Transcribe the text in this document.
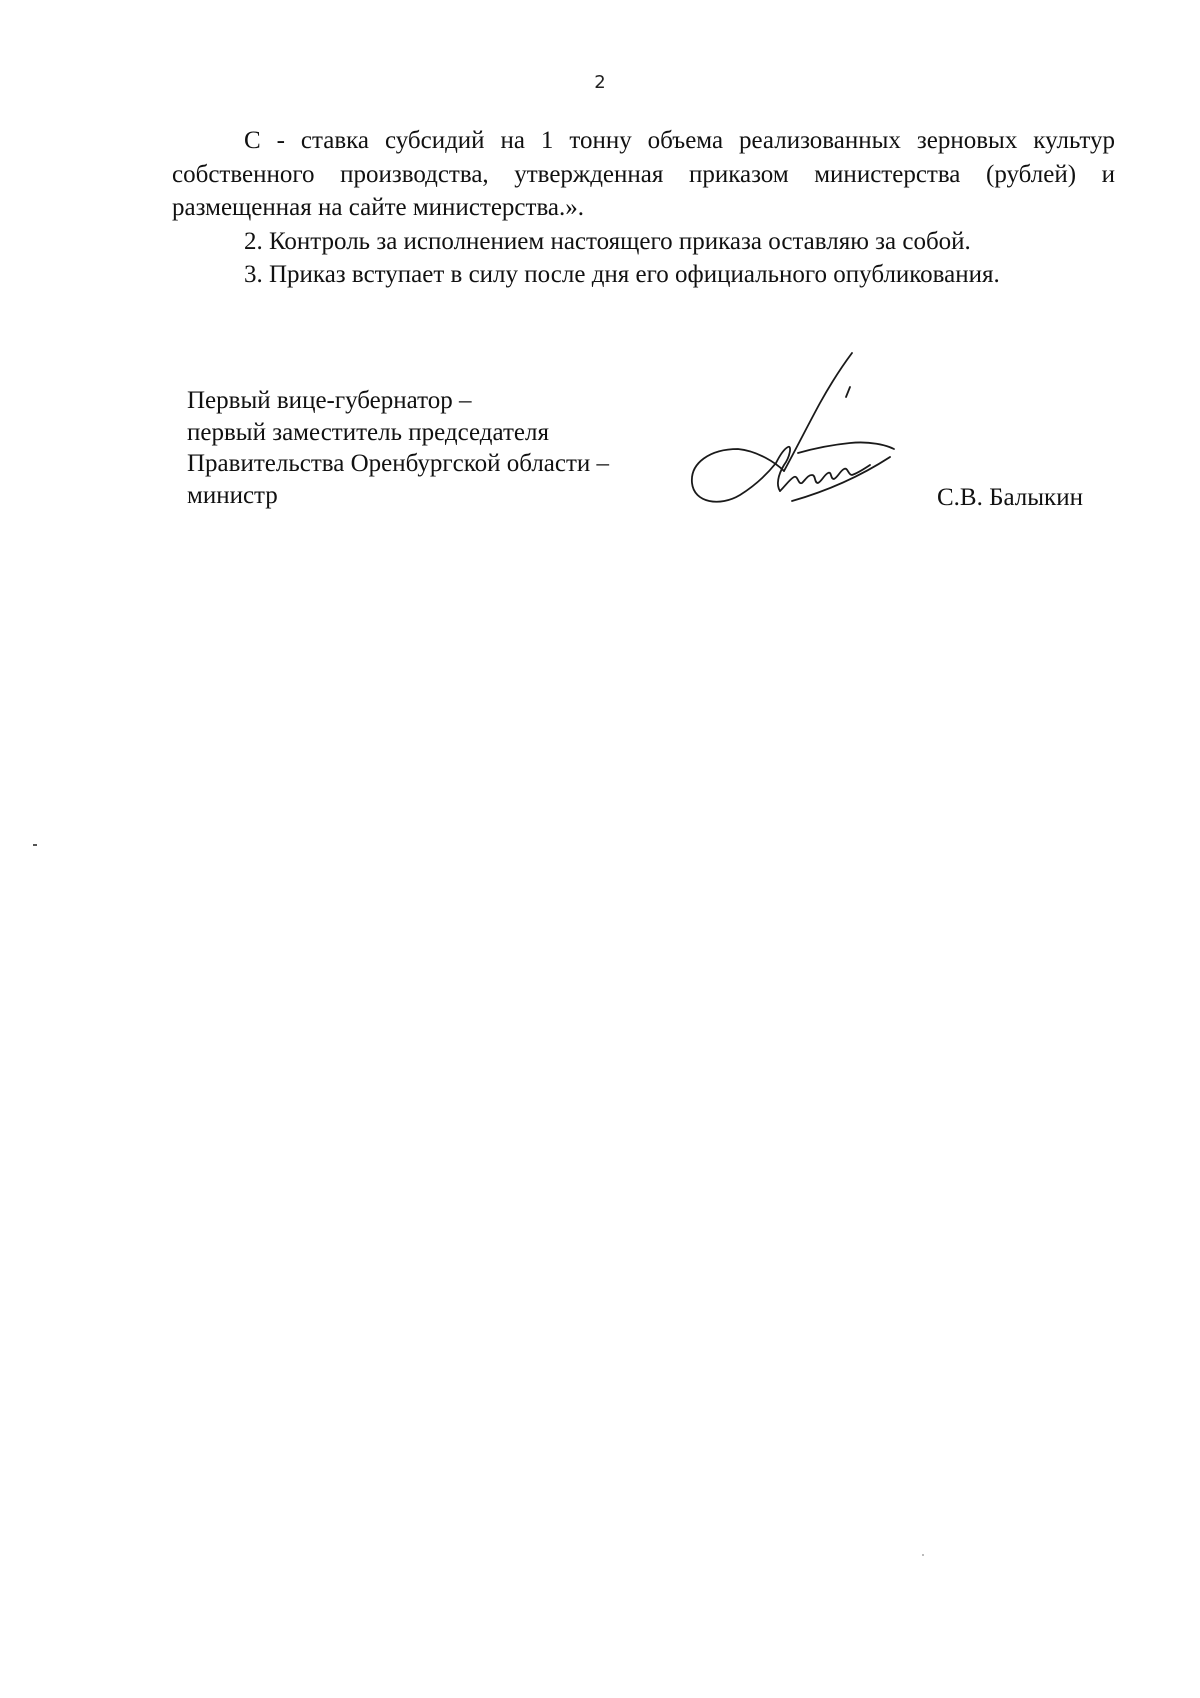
2

С - ставка субсидий на 1 тонну объема реализованных зерновых культур собственного производства, утвержденная приказом министерства (рублей) и размещенная на сайте министерства.».

2. Контроль за исполнением настоящего приказа оставляю за собой.

3. Приказ вступает в силу после дня его официального опубликования.

Первый вице-губернатор –
первый заместитель председателя
Правительства Оренбургской области –
министр	С.В. Балыкин
